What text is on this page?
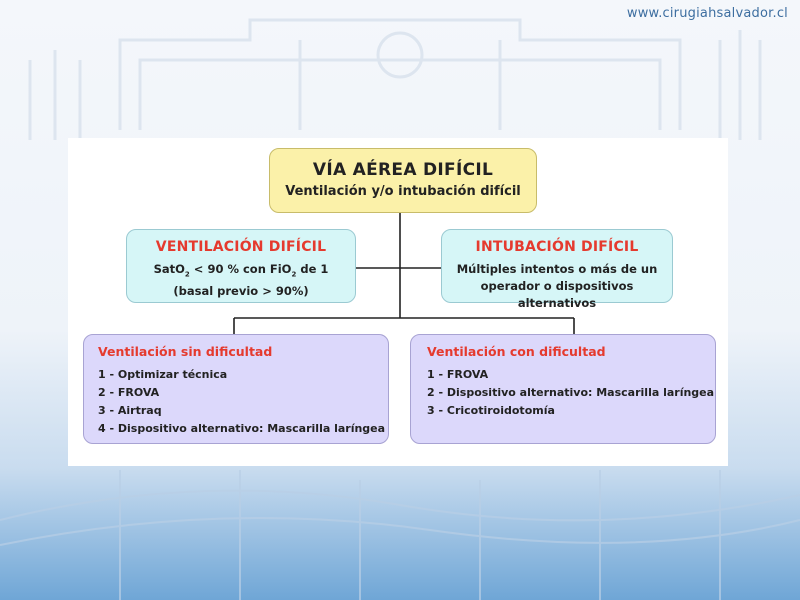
www.cirugiahsalvador.cl
VÍA AÉREA DIFÍCIL
Ventilación y/o intubación difícil
VENTILACIÓN DIFÍCIL
SatO$_2$ < 90 % con FiO$_2$ de 1
(basal previo > 90%)
INTUBACIÓN DIFÍCIL
Múltiples intentos o más de un
operador o dispositivos alternativos
Ventilación sin dificultad
1 - Optimizar técnica
2 - FROVA
3 - Airtraq
4 - Dispositivo alternativo: Mascarilla laríngea
Ventilación con dificultad
1 - FROVA
2 - Dispositivo alternativo: Mascarilla laríngea
3 - Cricotiroidotomía
